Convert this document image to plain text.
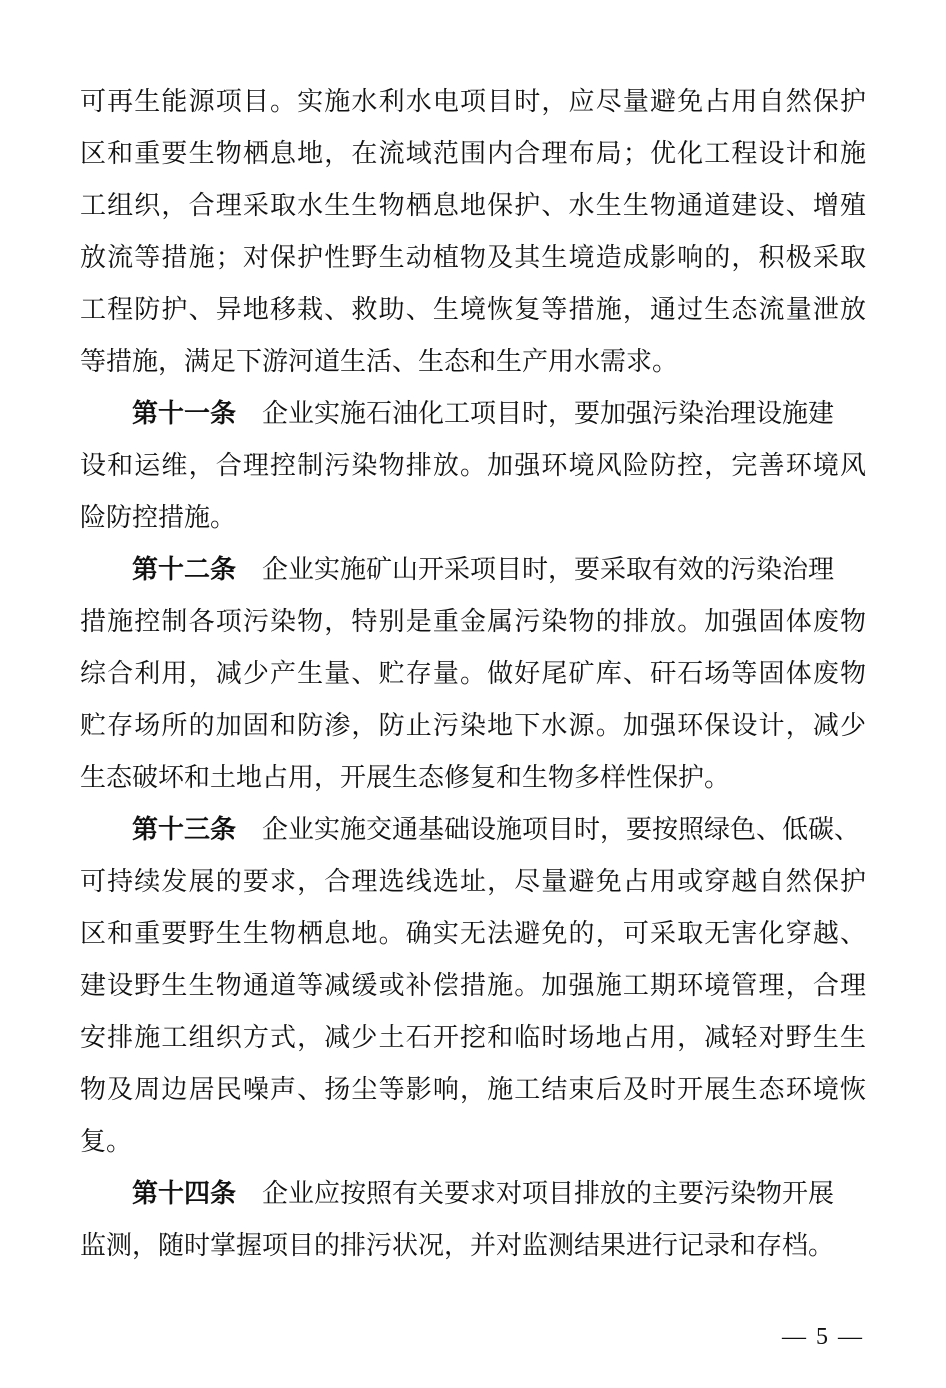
可再生能源项目。实施水利水电项目时，应尽量避免占用自然保护
区和重要生物栖息地，在流域范围内合理布局；优化工程设计和施
工组织，合理采取水生生物栖息地保护、水生生物通道建设、增殖
放流等措施；对保护性野生动植物及其生境造成影响的，积极采取
工程防护、异地移栽、救助、生境恢复等措施，通过生态流量泄放
等措施，满足下游河道生活、生态和生产用水需求。
第十一条 企业实施石油化工项目时，要加强污染治理设施建
设和运维，合理控制污染物排放。加强环境风险防控，完善环境风
险防控措施。
第十二条 企业实施矿山开采项目时，要采取有效的污染治理
措施控制各项污染物，特别是重金属污染物的排放。加强固体废物
综合利用，减少产生量、贮存量。做好尾矿库、矸石场等固体废物
贮存场所的加固和防渗，防止污染地下水源。加强环保设计，减少
生态破坏和土地占用，开展生态修复和生物多样性保护。
第十三条 企业实施交通基础设施项目时，要按照绿色、低碳、
可持续发展的要求，合理选线选址，尽量避免占用或穿越自然保护
区和重要野生生物栖息地。确实无法避免的，可采取无害化穿越、
建设野生生物通道等减缓或补偿措施。加强施工期环境管理，合理
安排施工组织方式，减少土石开挖和临时场地占用，减轻对野生生
物及周边居民噪声、扬尘等影响，施工结束后及时开展生态环境恢
复。
第十四条 企业应按照有关要求对项目排放的主要污染物开展
监测，随时掌握项目的排污状况，并对监测结果进行记录和存档。
— 5 —
